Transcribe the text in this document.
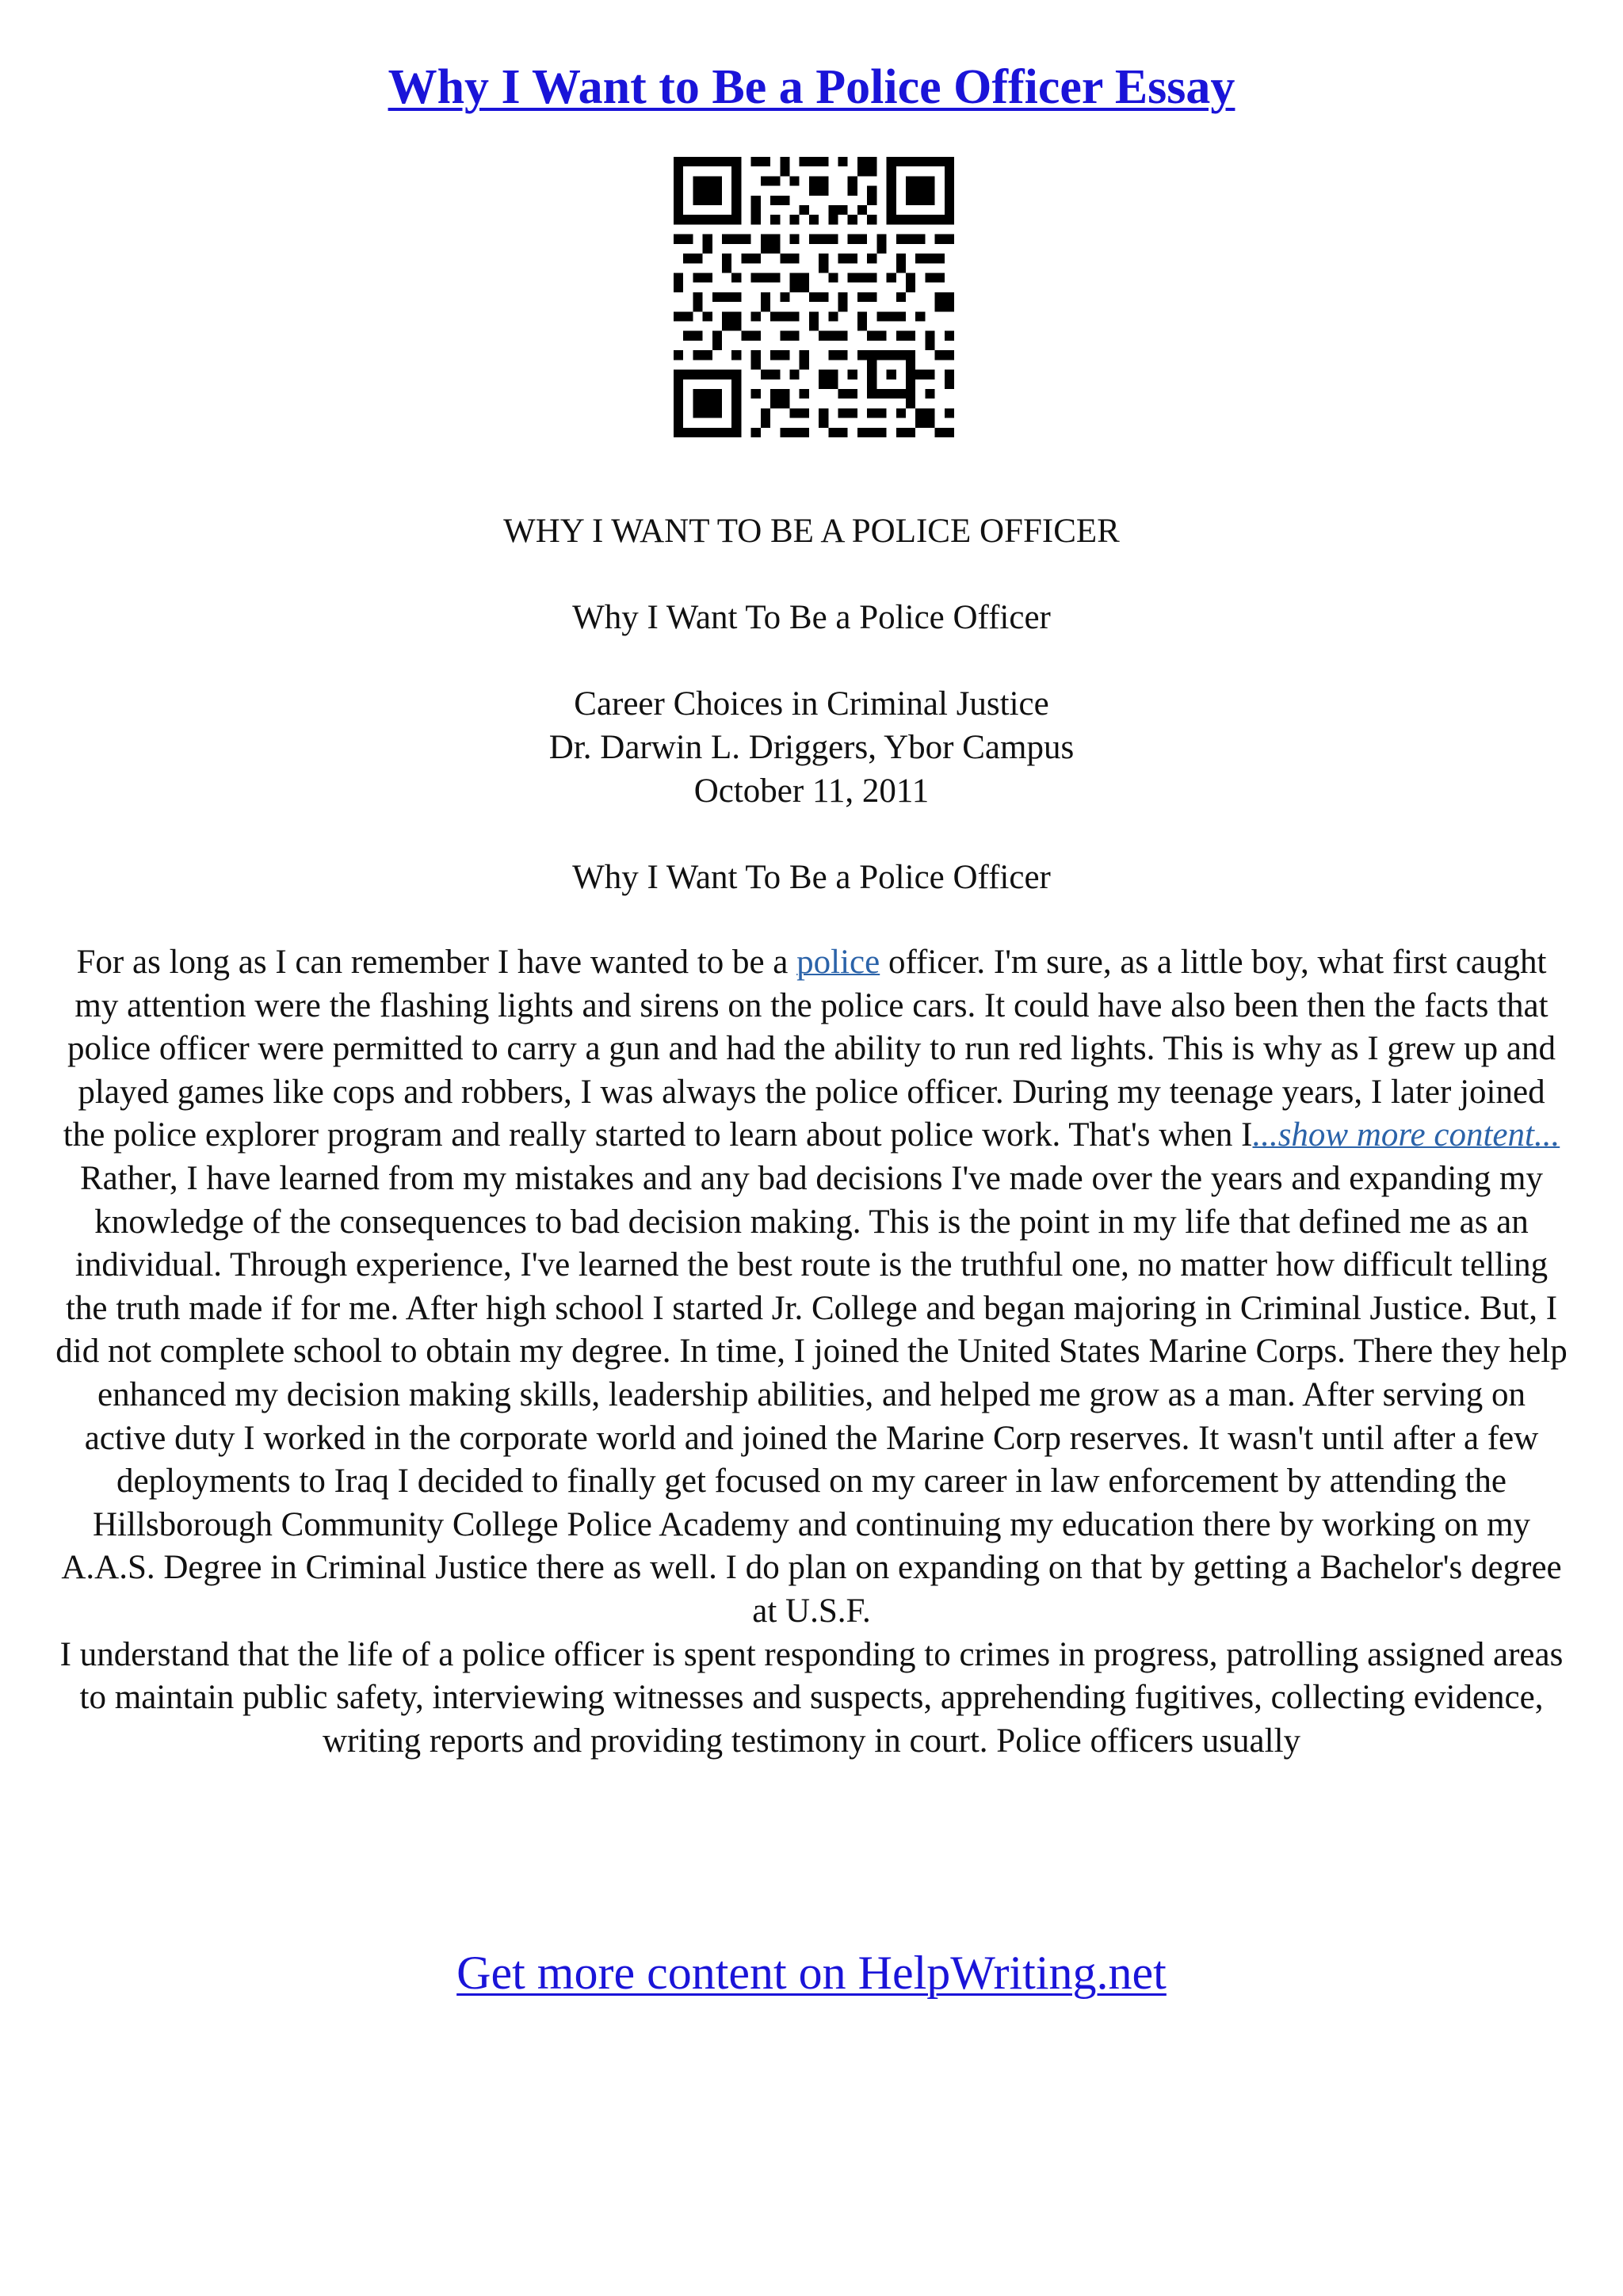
Why I Want to Be a Police Officer Essay
WHY I WANT TO BE A POLICE OFFICER
Why I Want To Be a Police Officer
Career Choices in Criminal Justice
Dr. Darwin L. Driggers, Ybor Campus
October 11, 2011
Why I Want To Be a Police Officer

For as long as I can remember I have wanted to be a police officer. I'm sure, as a little boy, what first caught my attention were the flashing lights and sirens on the police cars. It could have also been then the facts that police officer were permitted to carry a gun and had the ability to run red lights. This is why as I grew up and played games like cops and robbers, I was always the police officer. During my teenage years, I later joined the police explorer program and really started to learn about police work. That's when I...show more content...

Rather, I have learned from my mistakes and any bad decisions I've made over the years and expanding my knowledge of the consequences to bad decision making. This is the point in my life that defined me as an individual. Through experience, I've learned the best route is the truthful one, no matter how difficult telling the truth made if for me. After high school I started Jr. College and began majoring in Criminal Justice. But, I did not complete school to obtain my degree. In time, I joined the United States Marine Corps. There they help enhanced my decision making skills, leadership abilities, and helped me grow as a man. After serving on active duty I worked in the corporate world and joined the Marine Corp reserves. It wasn't until after a few deployments to Iraq I decided to finally get focused on my career in law enforcement by attending the Hillsborough Community College Police Academy and continuing my education there by working on my A.A.S. Degree in Criminal Justice there as well. I do plan on expanding on that by getting a Bachelor's degree at U.S.F.

I understand that the life of a police officer is spent responding to crimes in progress, patrolling assigned areas to maintain public safety, interviewing witnesses and suspects, apprehending fugitives, collecting evidence, writing reports and providing testimony in court. Police officers usually

Get more content on HelpWriting.net
